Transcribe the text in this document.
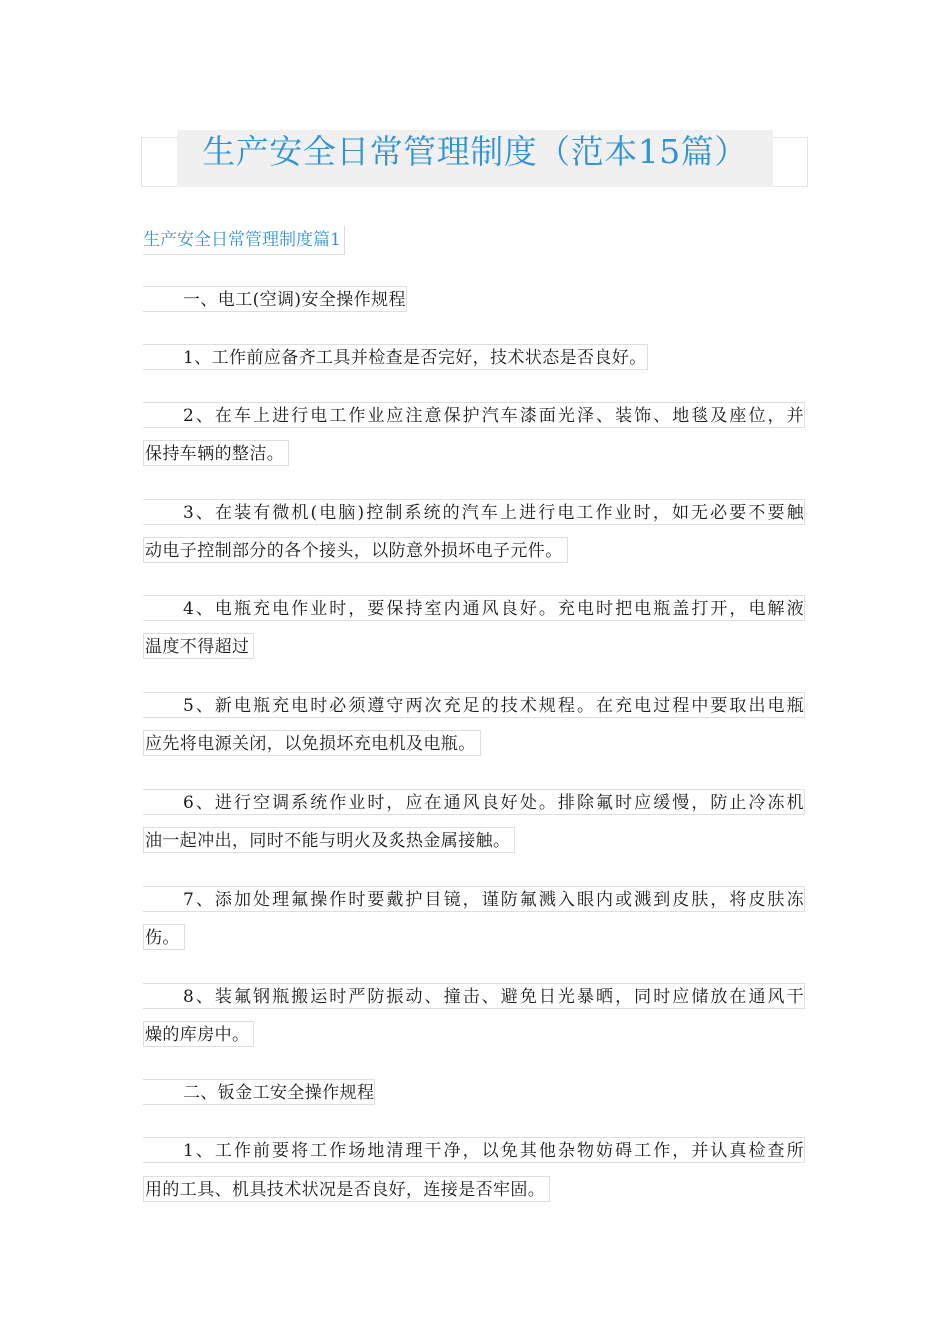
生产安全日常管理制度（范本15篇）
生产安全日常管理制度篇1
一、电工(空调)安全操作规程
1、工作前应备齐工具并检查是否完好，技术状态是否良好。
2、在车上进行电工作业应注意保护汽车漆面光泽、装饰、地毯及座位，并
保持车辆的整洁。
3、在装有微机(电脑)控制系统的汽车上进行电工作业时，如无必要不要触
动电子控制部分的各个接头，以防意外损坏电子元件。
4、电瓶充电作业时，要保持室内通风良好。充电时把电瓶盖打开，电解液
温度不得超过
5、新电瓶充电时必须遵守两次充足的技术规程。在充电过程中要取出电瓶
应先将电源关闭，以免损坏充电机及电瓶。
6、进行空调系统作业时，应在通风良好处。排除氟时应缓慢，防止冷冻机
油一起冲出，同时不能与明火及炙热金属接触。
7、添加处理氟操作时要戴护目镜，谨防氟溅入眼内或溅到皮肤，将皮肤冻
伤。
8、装氟钢瓶搬运时严防振动、撞击、避免日光暴晒，同时应储放在通风干
燥的库房中。
二、钣金工安全操作规程
1、工作前要将工作场地清理干净，以免其他杂物妨碍工作，并认真检查所
用的工具、机具技术状况是否良好，连接是否牢固。
